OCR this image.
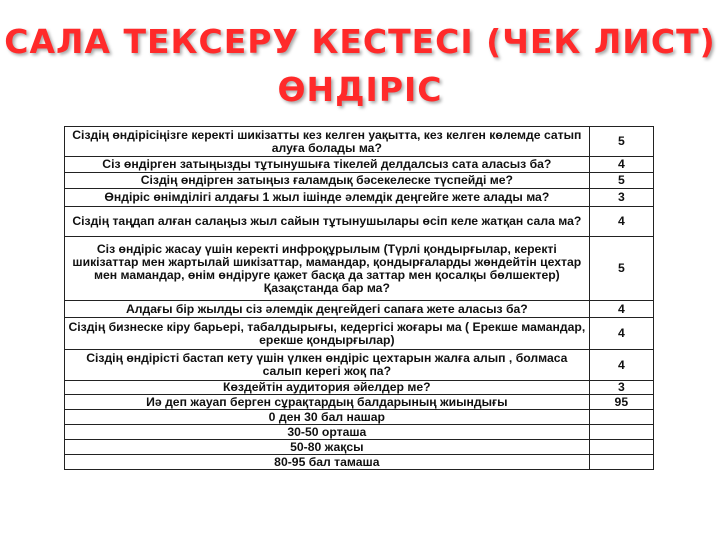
САЛА ТЕКСЕРУ КЕСТЕСІ (ЧЕК ЛИСТ)
ӨНДІРІС
Сіздің өндірісіңізге керекті шикізатты кез келген уақытта, кез келген көлемде сатып алуға болады ма?	5
Сіз өндірген затыңызды тұтынушыға тікелей делдалсыз сата аласыз ба?	4
Сіздің өндірген затыңыз ғаламдық бәсекелеске түспейді ме?	5
Өндіріс өнімділігі алдағы 1 жыл ішінде әлемдік деңгейге жете алады ма?	3
Сіздің таңдап алған салаңыз жыл сайын тұтынушылары өсіп келе жатқан сала ма?	4
Сіз өндіріс жасау үшін керекті инфроқұрылым (Түрлі қондырғылар, керекті шикізаттар мен жартылай шикізаттар, мамандар, қондырғаларды жөндейтін цехтар мен мамандар, өнім өндіруге қажет басқа да заттар мен қосалқы бөлшектер) Қазақстанда бар ма?	5
Алдағы бір жылды сіз әлемдік деңгейдегі сапаға жете аласыз ба?	4
Сіздің бизнеске кіру барьері, табалдырығы, кедергісі жоғары ма ( Ерекше мамандар, ерекше қондырғылар)	4
Сіздің өндірісті бастап кету үшін үлкен өндіріс цехтарын жалға алып , болмаса салып керегі жоқ па?	4
Көздейтін аудитория әйелдер ме?	3
Иә деп жауап берген сұрақтардың балдарының жиындығы	95
0 ден 30 бал нашар	
30-50 орташа	
50-80 жақсы	
80-95 бал тамаша	
